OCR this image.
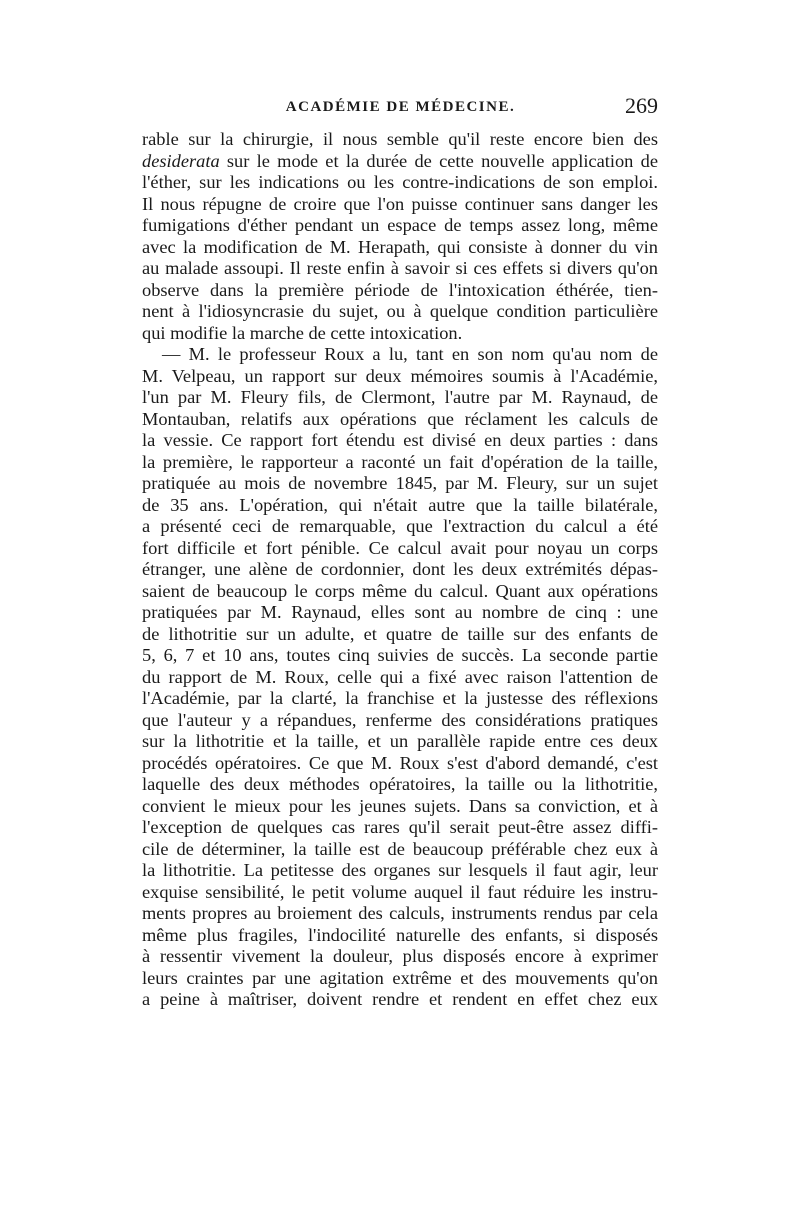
ACADÉMIE DE MÉDECINE.	269
rable sur la chirurgie, il nous semble qu'il reste encore bien des
desiderata sur le mode et la durée de cette nouvelle application de
l'éther, sur les indications ou les contre-indications de son emploi.
Il nous répugne de croire que l'on puisse continuer sans danger les
fumigations d'éther pendant un espace de temps assez long, même
avec la modification de M. Herapath, qui consiste à donner du vin
au malade assoupi. Il reste enfin à savoir si ces effets si divers qu'on
observe dans la première période de l'intoxication éthérée, tien-
nent à l'idiosyncrasie du sujet, ou à quelque condition particulière
qui modifie la marche de cette intoxication.
— M. le professeur Roux a lu, tant en son nom qu'au nom de
M. Velpeau, un rapport sur deux mémoires soumis à l'Académie,
l'un par M. Fleury fils, de Clermont, l'autre par M. Raynaud, de
Montauban, relatifs aux opérations que réclament les calculs de
la vessie. Ce rapport fort étendu est divisé en deux parties : dans
la première, le rapporteur a raconté un fait d'opération de la taille,
pratiquée au mois de novembre 1845, par M. Fleury, sur un sujet
de 35 ans. L'opération, qui n'était autre que la taille bilatérale,
a présenté ceci de remarquable, que l'extraction du calcul a été
fort difficile et fort pénible. Ce calcul avait pour noyau un corps
étranger, une alène de cordonnier, dont les deux extrémités dépas-
saient de beaucoup le corps même du calcul. Quant aux opérations
pratiquées par M. Raynaud, elles sont au nombre de cinq : une
de lithotritie sur un adulte, et quatre de taille sur des enfants de
5, 6, 7 et 10 ans, toutes cinq suivies de succès. La seconde partie
du rapport de M. Roux, celle qui a fixé avec raison l'attention de
l'Académie, par la clarté, la franchise et la justesse des réflexions
que l'auteur y a répandues, renferme des considérations pratiques
sur la lithotritie et la taille, et un parallèle rapide entre ces deux
procédés opératoires. Ce que M. Roux s'est d'abord demandé, c'est
laquelle des deux méthodes opératoires, la taille ou la lithotritie,
convient le mieux pour les jeunes sujets. Dans sa conviction, et à
l'exception de quelques cas rares qu'il serait peut-être assez diffi-
cile de déterminer, la taille est de beaucoup préférable chez eux à
la lithotritie. La petitesse des organes sur lesquels il faut agir, leur
exquise sensibilité, le petit volume auquel il faut réduire les instru-
ments propres au broiement des calculs, instruments rendus par cela
même plus fragiles, l'indocilité naturelle des enfants, si disposés
à ressentir vivement la douleur, plus disposés encore à exprimer
leurs craintes par une agitation extrême et des mouvements qu'on
a peine à maîtriser, doivent rendre et rendent en effet chez eux
